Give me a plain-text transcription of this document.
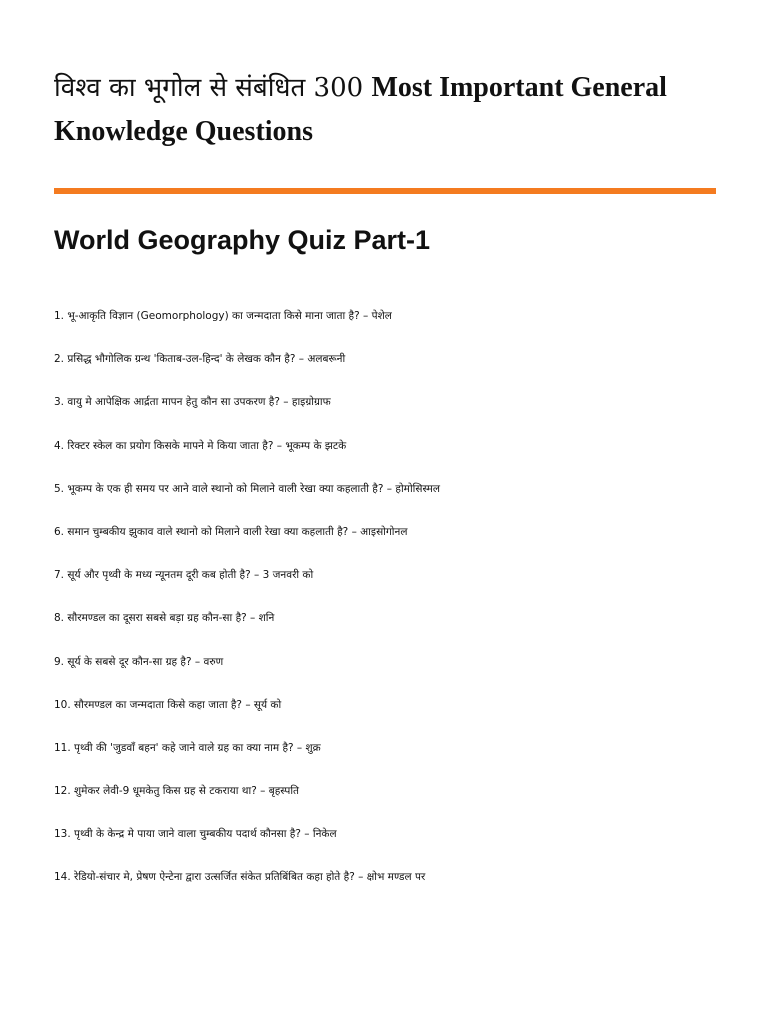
विश्व का भूगोल से संबंधित 300 Most Important General Knowledge Questions
World Geography Quiz Part-1
1. भू-आकृति विज्ञान (Geomorphology) का जन्मदाता किसे माना जाता है? – पेशेल
2. प्रसिद्ध भौगोलिक ग्रन्थ 'किताब-उल-हिन्द' के लेखक कौन है? – अलबरूनी
3. वायु मे आपेक्षिक आर्द्रता मापन हेतु कौन सा उपकरण है? – हाइग्रोग्राफ
4. रिक्टर स्केल का प्रयोग किसके मापने मे किया जाता है? – भूकम्प के झटके
5. भूकम्प के एक ही समय पर आने वाले स्थानो को मिलाने वाली रेखा क्या कहलाती है? – होमोसिस्मल
6. समान चुम्बकीय झुकाव वाले स्थानो को मिलाने वाली रेखा क्या कहलाती है? – आइसोगोनल
7. सूर्य और पृथ्वी के मध्य न्यूनतम दूरी कब होती है? – 3 जनवरी को
8. सौरमण्डल का दूसरा सबसे बड़ा ग्रह कौन-सा है? – शनि
9. सूर्य के सबसे दूर कौन-सा ग्रह है? – वरुण
10. सौरमण्डल का जन्मदाता किसे कहा जाता है? – सूर्य को
11. पृथ्वी की 'जुडवॉं बहन' कहे जाने वाले ग्रह का क्या नाम है? – शुक्र
12. शुमेकर लेवी-9 धूमकेतु किस ग्रह से टकराया था? – बृहस्पति
13. पृथ्वी के केन्द्र मे पाया जाने वाला चुम्बकीय पदार्थ कौनसा है? – निकेल
14. रेडियो-संचार मे, प्रेषण ऐन्टेना द्वारा उत्सर्जित संकेत प्रतिबिंबित कहा होते है? – क्षोभ मण्डल पर
